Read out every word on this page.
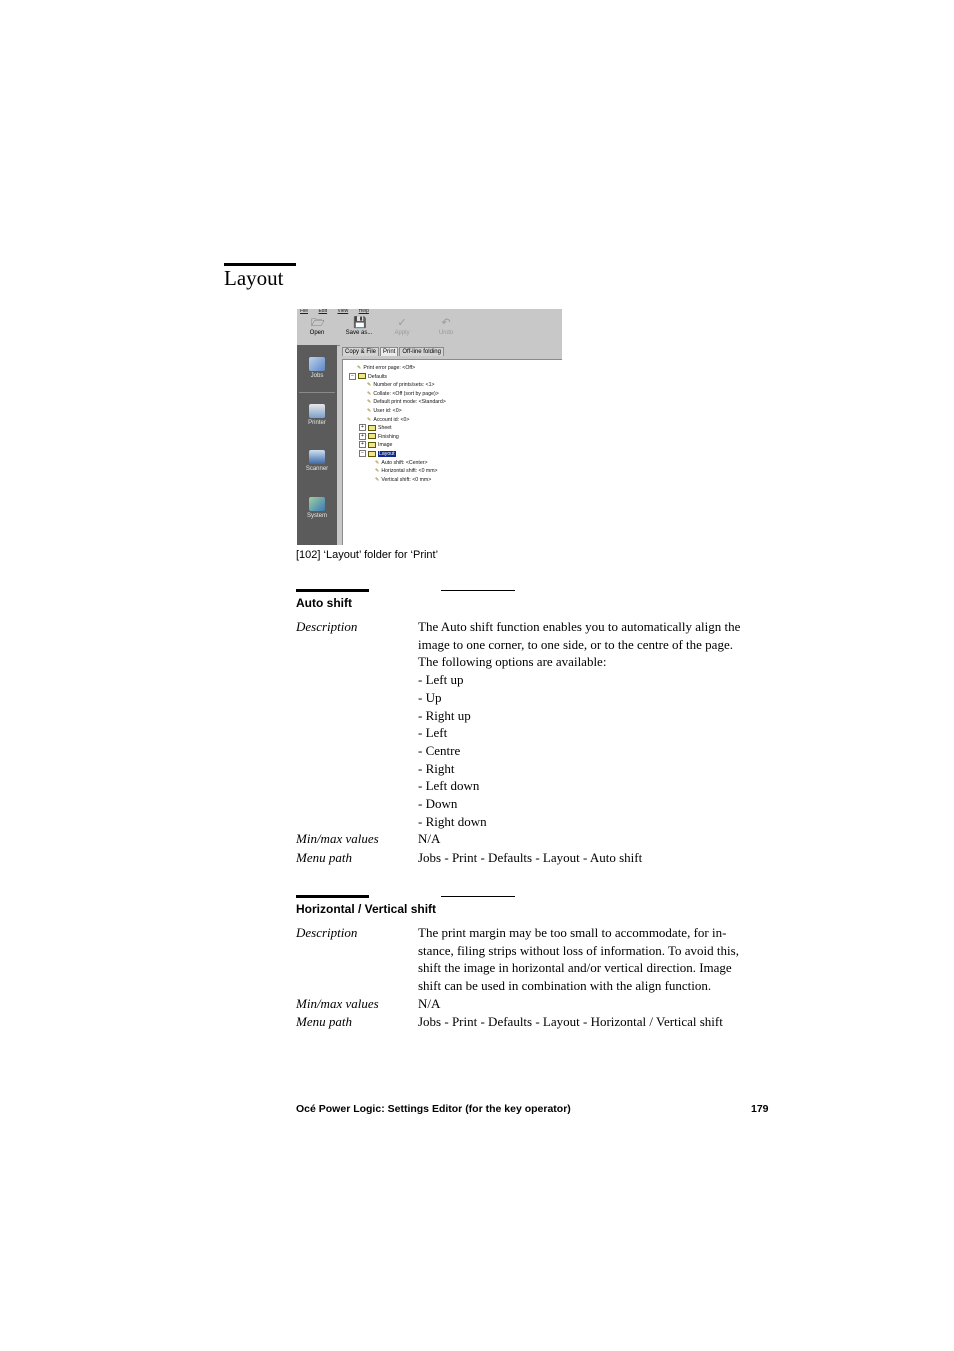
Layout
File Edit View Help
🗁
Open
💾
Save as...
✓
Apply
↶
Undo
Jobs
Printer
Scanner
System
Copy & File Print Off-line folding
✎ Print error page: <Off>
−	Defaults
✎ Number of prints/sets: <1>
✎ Collate: <Off (sort by page)>
✎ Default print mode: <Standard>
✎ User id: <0>
✎ Account id: <0>
+	Sheet
+	Finishing
+	Image
−	Layout
✎ Auto shift: <Center>
✎ Horizontal shift: <0 mm>
✎ Vertical shift: <0 mm>
[102] ‘Layout’ folder for ‘Print’
Auto shift
Description	The Auto shift function enables you to automatically align the
image to one corner, to one side, or to the centre of the page.
The following options are available:
- Left up
- Up
- Right up
- Left
- Centre
- Right
- Left down
- Down
- Right down
Min/max values	N/A
Menu path	Jobs - Print - Defaults - Layout - Auto shift
Horizontal / Vertical shift
Description	The print margin may be too small to accommodate, for in-
stance, filing strips without loss of information. To avoid this,
shift the image in horizontal and/or vertical direction. Image
shift can be used in combination with the align function.
Min/max values	N/A
Menu path	Jobs - Print - Defaults - Layout - Horizontal / Vertical shift
Océ Power Logic: Settings Editor (for the key operator)	179
